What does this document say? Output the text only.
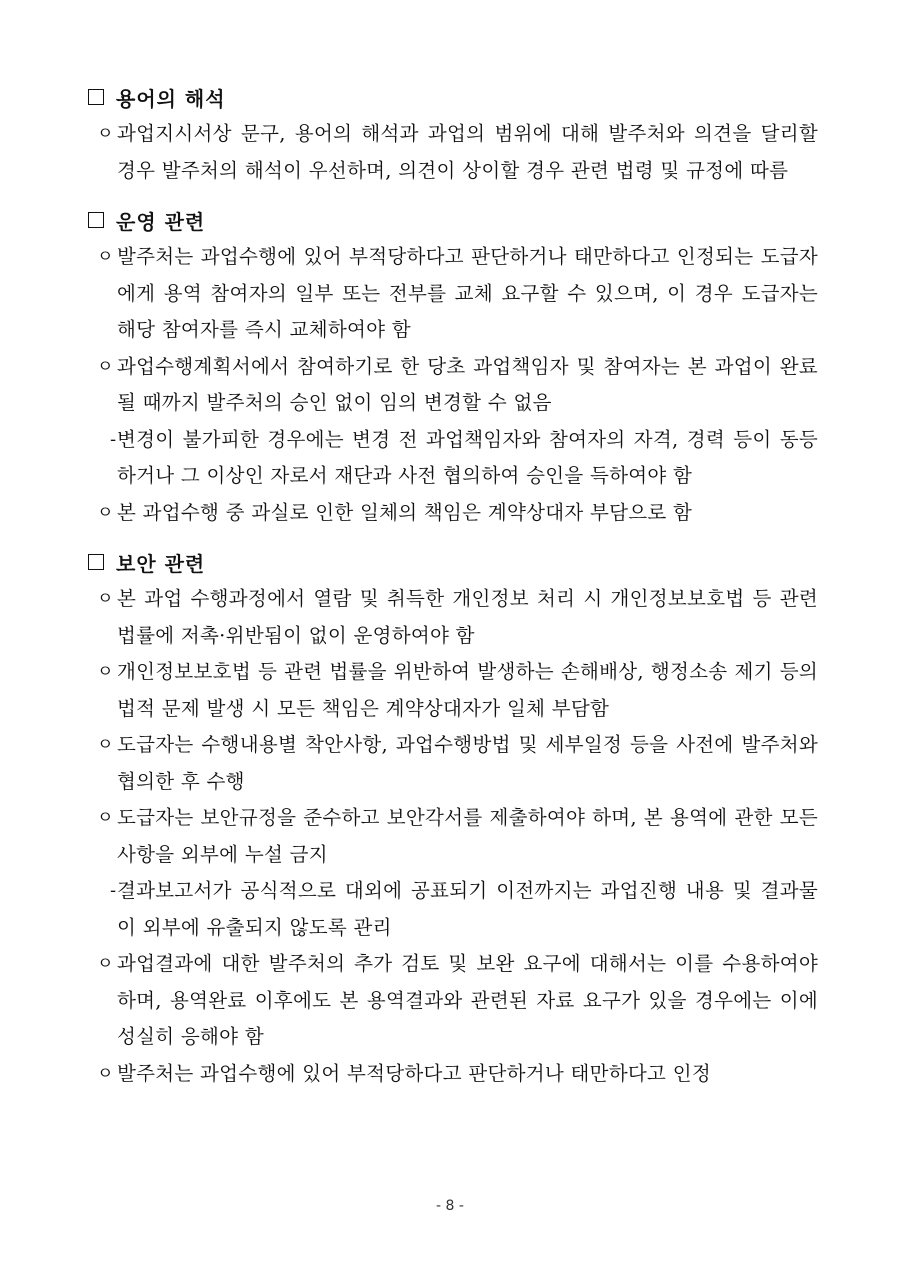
용어의 해석
ㅇ 과업지시서상 문구, 용어의 해석과 과업의 범위에 대해 발주처와 의견을 달리할 경우 발주처의 해석이 우선하며, 의견이 상이할 경우 관련 법령 및 규정에 따름
운영 관련
ㅇ 발주처는 과업수행에 있어 부적당하다고 판단하거나 태만하다고 인정되는 도급자에게 용역 참여자의 일부 또는 전부를 교체 요구할 수 있으며, 이 경우 도급자는 해당 참여자를 즉시 교체하여야 함
ㅇ 과업수행계획서에서 참여하기로 한 당초 과업책임자 및 참여자는 본 과업이 완료될 때까지 발주처의 승인 없이 임의 변경할 수 없음
- 변경이 불가피한 경우에는 변경 전 과업책임자와 참여자의 자격, 경력 등이 동등하거나 그 이상인 자로서 재단과 사전 협의하여 승인을 득하여야 함
ㅇ 본 과업수행 중 과실로 인한 일체의 책임은 계약상대자 부담으로 함
보안 관련
ㅇ 본 과업 수행과정에서 열람 및 취득한 개인정보 처리 시 개인정보보호법 등 관련 법률에 저촉·위반됨이 없이 운영하여야 함
ㅇ 개인정보보호법 등 관련 법률을 위반하여 발생하는 손해배상, 행정소송 제기 등의 법적 문제 발생 시 모든 책임은 계약상대자가 일체 부담함
ㅇ 도급자는 수행내용별 착안사항, 과업수행방법 및 세부일정 등을 사전에 발주처와 협의한 후 수행
ㅇ 도급자는 보안규정을 준수하고 보안각서를 제출하여야 하며, 본 용역에 관한 모든 사항을 외부에 누설 금지
- 결과보고서가 공식적으로 대외에 공표되기 이전까지는 과업진행 내용 및 결과물이 외부에 유출되지 않도록 관리
ㅇ 과업결과에 대한 발주처의 추가 검토 및 보완 요구에 대해서는 이를 수용하여야 하며, 용역완료 이후에도 본 용역결과와 관련된 자료 요구가 있을 경우에는 이에 성실히 응해야 함
ㅇ 발주처는 과업수행에 있어 부적당하다고 판단하거나 태만하다고 인정
- 8 -
